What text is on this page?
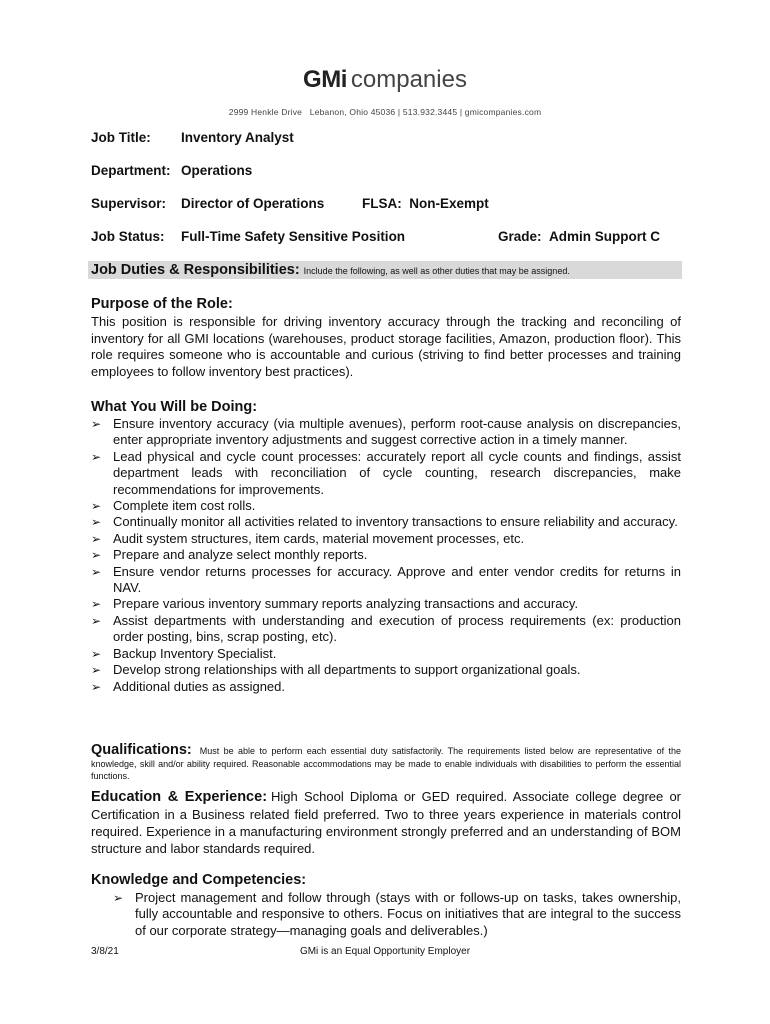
GMi companies
2999 Henkle Drive   Lebanon, Ohio 45036 | 513.932.3445 | gmicompanies.com
Job Title: Inventory Analyst
Department: Operations
Supervisor: Director of Operations	FLSA: Non-Exempt
Job Status: Full-Time Safety Sensitive Position	Grade: Admin Support C
Job Duties & Responsibilities: Include the following, as well as other duties that may be assigned.
Purpose of the Role:
This position is responsible for driving inventory accuracy through the tracking and reconciling of inventory for all GMI locations (warehouses, product storage facilities, Amazon, production floor). This role requires someone who is accountable and curious (striving to find better processes and training employees to follow inventory best practices).
What You Will be Doing:
➢ Ensure inventory accuracy (via multiple avenues), perform root-cause analysis on discrepancies, enter appropriate inventory adjustments and suggest corrective action in a timely manner.
➢ Lead physical and cycle count processes: accurately report all cycle counts and findings, assist department leads with reconciliation of cycle counting, research discrepancies, make recommendations for improvements.
➢ Complete item cost rolls.
➢ Continually monitor all activities related to inventory transactions to ensure reliability and accuracy.
➢ Audit system structures, item cards, material movement processes, etc.
➢ Prepare and analyze select monthly reports.
➢ Ensure vendor returns processes for accuracy. Approve and enter vendor credits for returns in NAV.
➢ Prepare various inventory summary reports analyzing transactions and accuracy.
➢ Assist departments with understanding and execution of process requirements (ex: production order posting, bins, scrap posting, etc).
➢ Backup Inventory Specialist.
➢ Develop strong relationships with all departments to support organizational goals.
➢ Additional duties as assigned.
Qualifications: Must be able to perform each essential duty satisfactorily. The requirements listed below are representative of the knowledge, skill and/or ability required. Reasonable accommodations may be made to enable individuals with disabilities to perform the essential functions.
Education & Experience: High School Diploma or GED required. Associate college degree or Certification in a Business related field preferred. Two to three years experience in materials control required. Experience in a manufacturing environment strongly preferred and an understanding of BOM structure and labor standards required.
Knowledge and Competencies:
➢ Project management and follow through (stays with or follows-up on tasks, takes ownership, fully accountable and responsive to others. Focus on initiatives that are integral to the success of our corporate strategy—managing goals and deliverables.)
3/8/21	GMi is an Equal Opportunity Employer
